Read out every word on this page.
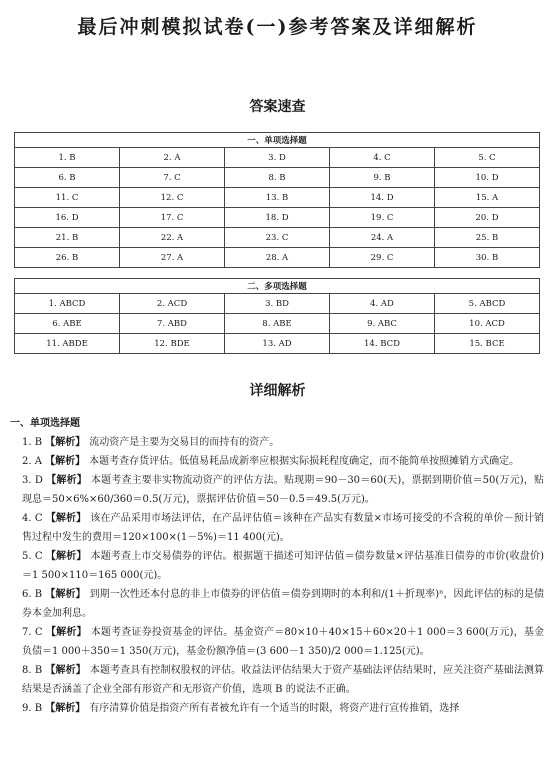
最后冲刺模拟试卷(一)参考答案及详细解析
答案速查
一、单项选择题				
1. B	2. A	3. D	4. C	5. C
6. B	7. C	8. B	9. B	10. D
11. C	12. C	13. B	14. D	15. A
16. D	17. C	18. D	19. C	20. D
21. B	22. A	23. C	24. A	25. B
26. B	27. A	28. A	29. C	30. B
二、多项选择题				
1. ABCD	2. ACD	3. BD	4. AD	5. ABCD
6. ABE	7. ABD	8. ABE	9. ABC	10. ACD
11. ABDE	12. BDE	13. AD	14. BCD	15. BCE
详细解析
一、单项选择题
1. B 【解析】 流动资产是主要为交易目的而持有的资产。
2. A 【解析】 本题考查存货评估。低值易耗品成新率应根据实际损耗程度确定，而不能简单按照摊销方式确定。
3. D 【解析】 本题考查主要非实物流动资产的评估方法。贴现期＝90－30＝60(天)，票据到期价值＝50(万元)，贴现息＝50×6%×60/360＝0.5(万元)，票据评估价值＝50－0.5＝49.5(万元)。
4. C 【解析】 该在产品采用市场法评估，在产品评估值＝该种在产品实有数量×市场可接受的不含税的单价－预计销售过程中发生的费用＝120×100×(1－5%)＝11 400(元)。
5. C 【解析】 本题考查上市交易债券的评估。根据题干描述可知评估值＝债券数量×评估基准日债券的市价(收盘价)＝1 500×110＝165 000(元)。
6. B 【解析】 到期一次性还本付息的非上市债券的评估值＝债券到期时的本利和/(1＋折现率)ⁿ，因此评估的标的是债券本金加利息。
7. C 【解析】 本题考查证券投资基金的评估。基金资产＝80×10＋40×15＋60×20＋1 000＝3 600(万元)，基金负债＝1 000＋350＝1 350(万元)，基金份额净值＝(3 600－1 350)/2 000＝1.125(元)。
8. B 【解析】 本题考查具有控制权股权的评估。收益法评估结果大于资产基础法评估结果时，应关注资产基础法测算结果是否涵盖了企业全部有形资产和无形资产价值，选项 B 的说法不正确。
9. B 【解析】 有序清算价值是指资产所有者被允许有一个适当的时限，将资产进行宣传推销，选择
